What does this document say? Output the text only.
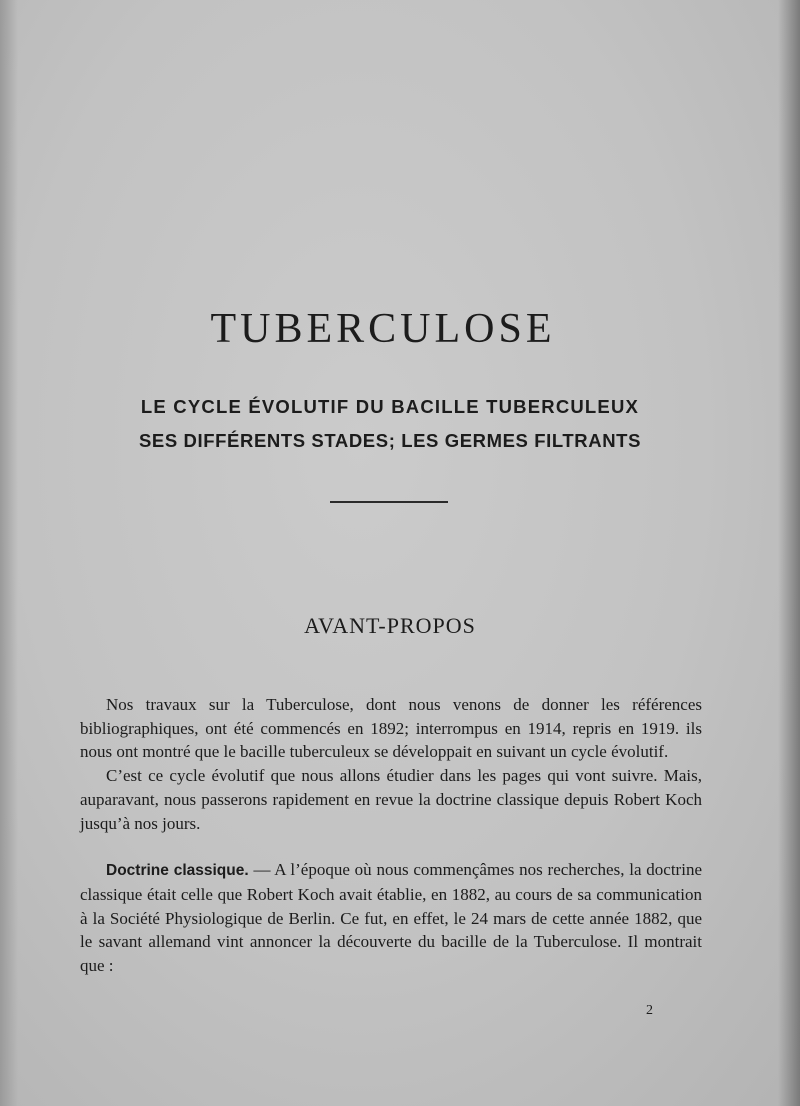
TUBERCULOSE
LE CYCLE ÉVOLUTIF DU BACILLE TUBERCULEUX
SES DIFFÉRENTS STADES; LES GERMES FILTRANTS
AVANT-PROPOS

Nos travaux sur la Tuberculose, dont nous venons de donner les références bibliographiques, ont été commencés en 1892; interrompus en 1914, repris en 1919. ils nous ont montré que le bacille tuberculeux se développait en suivant un cycle évolutif.

C’est ce cycle évolutif que nous allons étudier dans les pages qui vont suivre. Mais, auparavant, nous passerons rapidement en revue la doctrine classique depuis Robert Koch jusqu’à nos jours.

Doctrine classique. — A l’époque où nous commençâmes nos recherches, la doctrine classique était celle que Robert Koch avait établie, en 1882, au cours de sa communication à la Société Physiologique de Berlin. Ce fut, en effet, le 24 mars de cette année 1882, que le savant allemand vint annoncer la découverte du bacille de la Tuberculose. Il montrait que :

2
